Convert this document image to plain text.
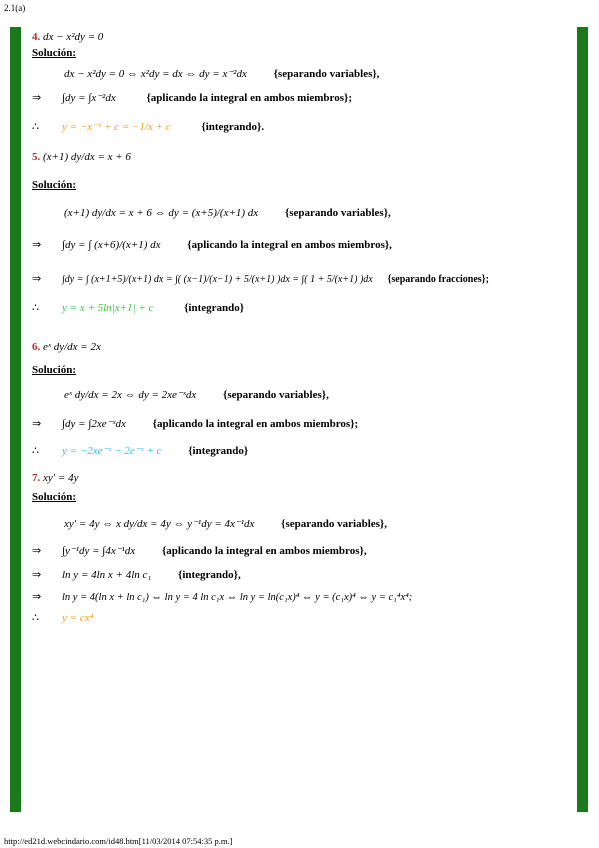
2.1(a)
4. dx − x²dy = 0
Solución:
dx − x²dy = 0 ⇔ x²dy = dx ⇔ dy = x⁻²dx {separando variables},
⇒ ∫dy = ∫x⁻²dx	{aplicando la integral en ambos miembros};
∴ y = −x⁻¹ + c = −1/x + c	{integrando}.
5. (x+1) dy/dx = x + 6
Solución:
(x+1) dy/dx = x + 6 ⇔ dy = (x+5)/(x+1) dx {separando variables},
⇒ ∫dy = ∫ (x+6)/(x+1) dx {aplicando la integral en ambos miembros},
⇒ ∫dy = ∫ (x+1+5)/(x+1) dx = ∫( (x−1)/(x−1) + 5/(x+1) )dx = ∫( 1 + 5/(x+1) )dx {separando fracciones};
∴ y = x + 5ln|x+1| + c	{integrando}
6. eˣ dy/dx = 2x
Solución:
eˣ dy/dx = 2x ⇔ dy = 2xe⁻ˣdx {separando variables},
⇒ ∫dy = ∫2xe⁻ˣdx {aplicando la integral en ambos miembros};
∴ y = −2xe⁻ˣ − 2e⁻ˣ + c {integrando}
7. xy′ = 4y
Solución:
xy′ = 4y ⇔ x dy/dx = 4y ⇔ y⁻¹dy = 4x⁻¹dx {separando variables},
⇒ ∫y⁻¹dy = ∫4x⁻¹dx {aplicando la integral en ambos miembros},
⇒ ln y = 4ln x + 4ln c₁ {integrando},
⇒ ln y = 4(ln x + ln c₁) ⇔ ln y = 4 ln c₁x ⇔ ln y = ln(c₁x)⁴ ⇔ y = (c₁x)⁴ ⇔ y = c₁⁴x⁴;
∴ y = cx⁴
http://ed21d.webcindario.com/id48.htm[11/03/2014 07:54:35 p.m.]
